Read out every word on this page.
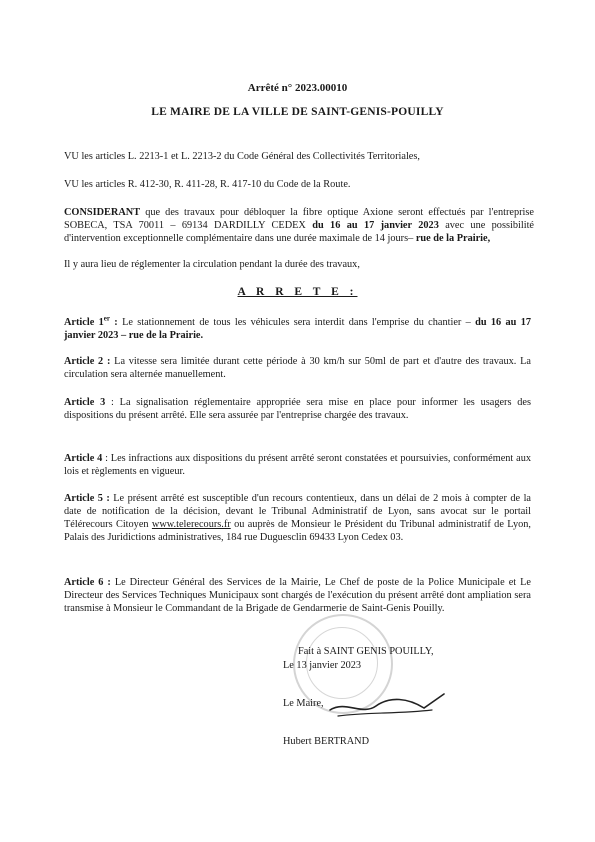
Arrêté n° 2023.00010
LE MAIRE DE LA VILLE DE SAINT-GENIS-POUILLY
VU les articles L. 2213-1 et L. 2213-2 du Code Général des Collectivités Territoriales,
VU les articles R. 412-30, R. 411-28, R. 417-10 du Code de la Route.
CONSIDERANT que des travaux pour débloquer la fibre optique Axione seront effectués par l'entreprise SOBECA, TSA 70011 – 69134 DARDILLY CEDEX du 16 au 17 janvier 2023 avec une possibilité d'intervention exceptionnelle complémentaire dans une durée maximale de 14 jours– rue de la Prairie,
Il y aura lieu de réglementer la circulation pendant la durée des travaux,
A R R E T E :
Article 1er : Le stationnement de tous les véhicules sera interdit dans l'emprise du chantier – du 16 au 17 janvier 2023 – rue de la Prairie.
Article 2 : La vitesse sera limitée durant cette période à 30 km/h sur 50ml de part et d'autre des travaux. La circulation sera alternée manuellement.
Article 3 : La signalisation réglementaire appropriée sera mise en place pour informer les usagers des dispositions du présent arrêté. Elle sera assurée par l'entreprise chargée des travaux.
Article 4 : Les infractions aux dispositions du présent arrêté seront constatées et poursuivies, conformément aux lois et règlements en vigueur.
Article 5 : Le présent arrêté est susceptible d'un recours contentieux, dans un délai de 2 mois à compter de la date de notification de la décision, devant le Tribunal Administratif de Lyon, sans avocat sur le portail Télérecours Citoyen www.telerecours.fr ou auprès de Monsieur le Président du Tribunal administratif de Lyon, Palais des Juridictions administratives, 184 rue Duguesclin 69433 Lyon Cedex 03.
Article 6 : Le Directeur Général des Services de la Mairie, Le Chef de poste de la Police Municipale et Le Directeur des Services Techniques Municipaux sont chargés de l'exécution du présent arrêté dont ampliation sera transmise à Monsieur le Commandant de la Brigade de Gendarmerie de Saint-Genis Pouilly.
Fait à SAINT GENIS POUILLY,
Le 13 janvier 2023
Le Maire,
Hubert BERTRAND
